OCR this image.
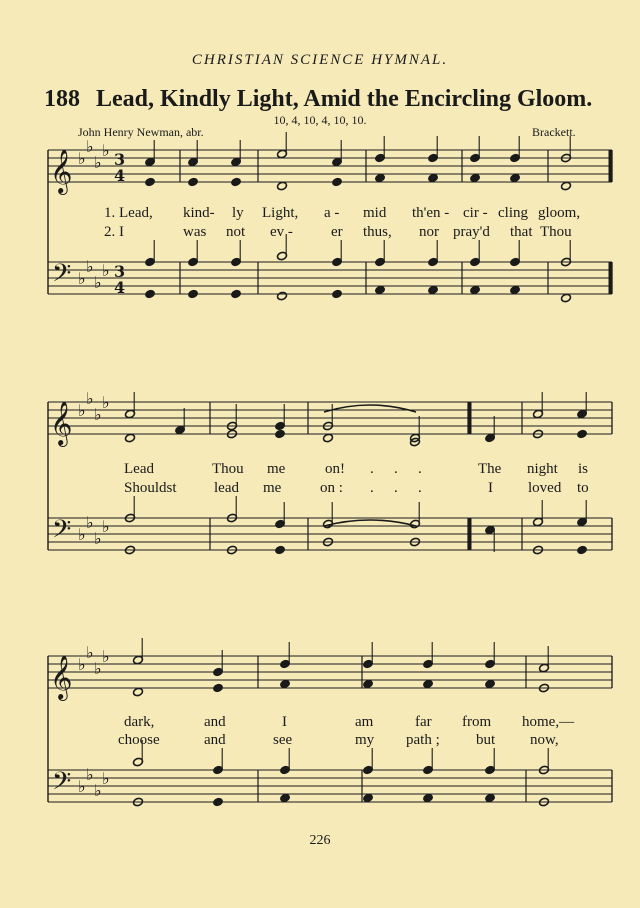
CHRISTIAN SCIENCE HYMNAL.
188 Lead, Kindly Light, Amid the Encircling Gloom.
10, 4, 10, 4, 10, 10.
John Henry Newman, abr.	Brackett.
𝄞
𝄢
♭
♭
♭
♭
♭
♭
♭
♭
3
4
3
4
𝄞
𝄢
♭
♭
♭
♭
♭
♭
♭
♭
𝄞
𝄢
♭
♭
♭
♭
♭
♭
♭
♭
1. Lead, kind- ly Light, a - mid th'en - cir - cling gloom,
2. I	was not ev -	er thus, nor pray'd that Thou
Lead	Thou me	on! . . .	The night is
Shouldst lead me	on : . . .	I loved to
dark,	and	I	am	far from home,—
choose	and	see	my path ; but now,
226
